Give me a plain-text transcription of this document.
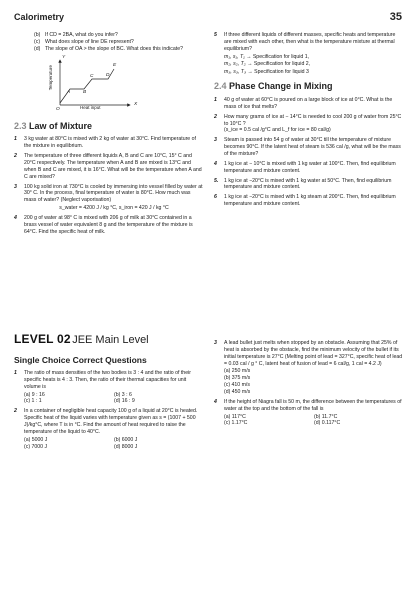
Calorimetry	35
(b) If CD = 2BA, what do you infer?
(c) What does slope of line DE represent?
(d) The slope of OA > the slope of BC. What does this indicate?
O
A	B
C	D
E
Y
X
Temperature
Heat input
2.3 Law of Mixture
1	3 kg water at 80°C is mixed with 2 kg of water at 30°C. Find temperature of the mixture in equilibrium.
2	The temperature of three different liquids A, B and C are 10°C, 15° C and 20°C respectively. The temperature when A and B are mixed is 13°C and when B and C are mixed, it is 16°C. What will be the temperature when A and C are mixed?
3	100 kg solid iron at 730°C is cooled by immersing into vessel filled by water at 30° C. In the process, final temperature of water is 80°C. How much was mass of water? (Neglect vaporisation)
s_water = 4200 J / kg °C, s_iron = 420 J / kg °C
4	200 g of water at 98° C is mixed with 206 g of milk at 30°C contained in a brass vessel of water equivalent 8 g and the temperature of the mixture is 64°C. Find the specific heat of milk.
5	If three different liquids of different masses, specific heats and temperature are mixed with each other, then what is the temperature mixture at thermal equilibrium?
m₁, s₁, T₁ → Specification for liquid 1,
m₂, s₂, T₂ → Specification for liquid 2,
m₃, s₃, T₃ → Specification for liquid 3
2.4 Phase Change in Mixing
1	40 g of water at 60°C is poured on a large block of ice at 0°C. What is the mass of ice that melts?
2	How many grams of ice at − 14°C is needed to cool 200 g of water from 25°C to 10°C ?
(s_ice = 0.5 cal /g°C and L_f for ice = 80 cal/g)
3	Steam is passed into 54 g of water at 30°C till the temperature of mixture becomes 90°C. If the latent heat of steam is 536 cal /g, what will be the mass of the mixture?
4	1 kg ice at − 10°C is mixed with 1 kg water at 100°C. Then, find equilibrium temperature and mixture content.
5.	1 kg ice at −20°C is mixed with 1 kg water at 50°C. Then, find equilibrium temperature and mixture content.
6	1 kg ice at −20°C is mixed with 1 kg steam at 200°C. Then, find equilibrium temperature and mixture content.
LEVEL 02 JEE Main Level
Single Choice Correct Questions
1	The ratio of mass densities of the two bodies is 3 : 4 and the ratio of their specific heats is 4 : 3. Then, the ratio of their thermal capacities for unit volume is
(a) 9 : 16	(b) 3 : 6
(c) 1 : 1	(d) 16 : 9
2	In a container of negligible heat capacity 100 g of a liquid at 20°C is heated. Specific heat of the liquid varies with temperature given as s = (1007 + 500 J)/kg°C, where T is in °C. Find the amount of heat required to raise the temperature of the liquid to 40°C.
(a) 5000 J	(b) 6000 J
(c) 7000 J	(d) 8000 J
3	A lead bullet just melts when stopped by an obstacle. Assuming that 25% of heat is absorbed by the obstacle, find the minimum velocity of the bullet if its initial temperature is 27°C (Melting point of lead = 327°C, specific heat of lead = 0.03 cal / g ° C, latent heat of fusion of lead = 6 cal/g, 1 cal = 4.2 J)
(a) 250 m/s
(b) 375 m/s
(c) 410 m/s
(d) 450 m/s
4	If the height of Niagra fall is 50 m, the difference between the temperatures of water at the top and the bottom of the fall is
(a) 117°C	(b) 11.7°C
(c) 1.17°C	(d) 0.117°C
